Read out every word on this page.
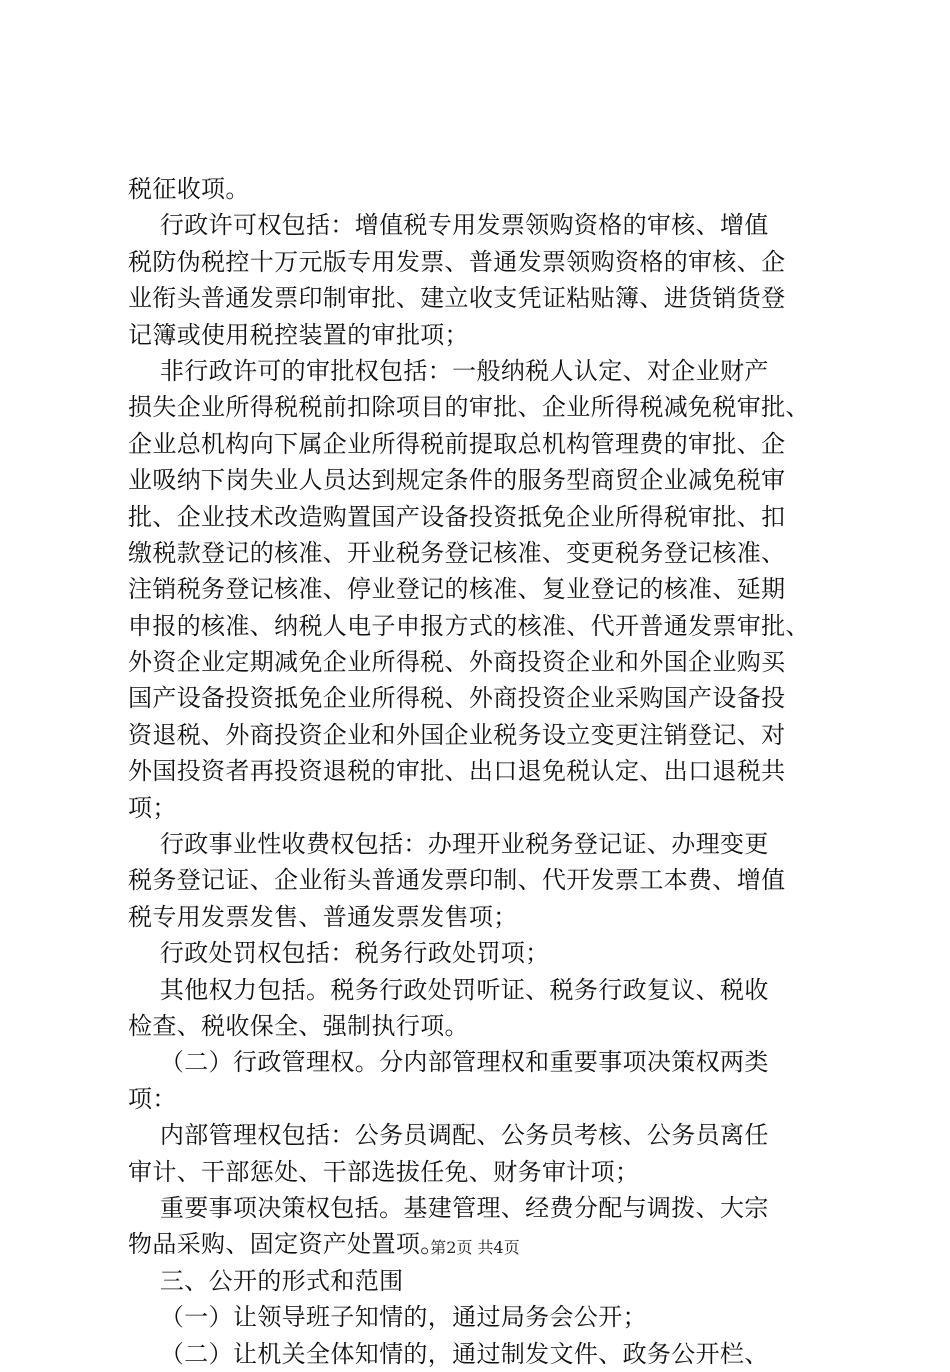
税征收项。
行政许可权包括：增值税专用发票领购资格的审核、增值
税防伪税控十万元版专用发票、普通发票领购资格的审核、企
业衔头普通发票印制审批、建立收支凭证粘贴簿、进货销货登
记簿或使用税控装置的审批项；
非行政许可的审批权包括：一般纳税人认定、对企业财产
损失企业所得税税前扣除项目的审批、企业所得税减免税审批、
企业总机构向下属企业所得税前提取总机构管理费的审批、企
业吸纳下岗失业人员达到规定条件的服务型商贸企业减免税审
批、企业技术改造购置国产设备投资抵免企业所得税审批、扣
缴税款登记的核准、开业税务登记核准、变更税务登记核准、
注销税务登记核准、停业登记的核准、复业登记的核准、延期
申报的核准、纳税人电子申报方式的核准、代开普通发票审批、
外资企业定期减免企业所得税、外商投资企业和外国企业购买
国产设备投资抵免企业所得税、外商投资企业采购国产设备投
资退税、外商投资企业和外国企业税务设立变更注销登记、对
外国投资者再投资退税的审批、出口退免税认定、出口退税共
项；
行政事业性收费权包括：办理开业税务登记证、办理变更
税务登记证、企业衔头普通发票印制、代开发票工本费、增值
税专用发票发售、普通发票发售项；
行政处罚权包括：税务行政处罚项；
其他权力包括。税务行政处罚听证、税务行政复议、税收
检查、税收保全、强制执行项。
（二）行政管理权。分内部管理权和重要事项决策权两类
项：
内部管理权包括：公务员调配、公务员考核、公务员离任
审计、干部惩处、干部选拔任免、财务审计项；
重要事项决策权包括。基建管理、经费分配与调拨、大宗
物品采购、固定资产处置项。
三、公开的形式和范围
（一）让领导班子知情的，通过局务会公开；
（二）让机关全体知情的，通过制发文件、政务公开栏、
第2页 共4页
